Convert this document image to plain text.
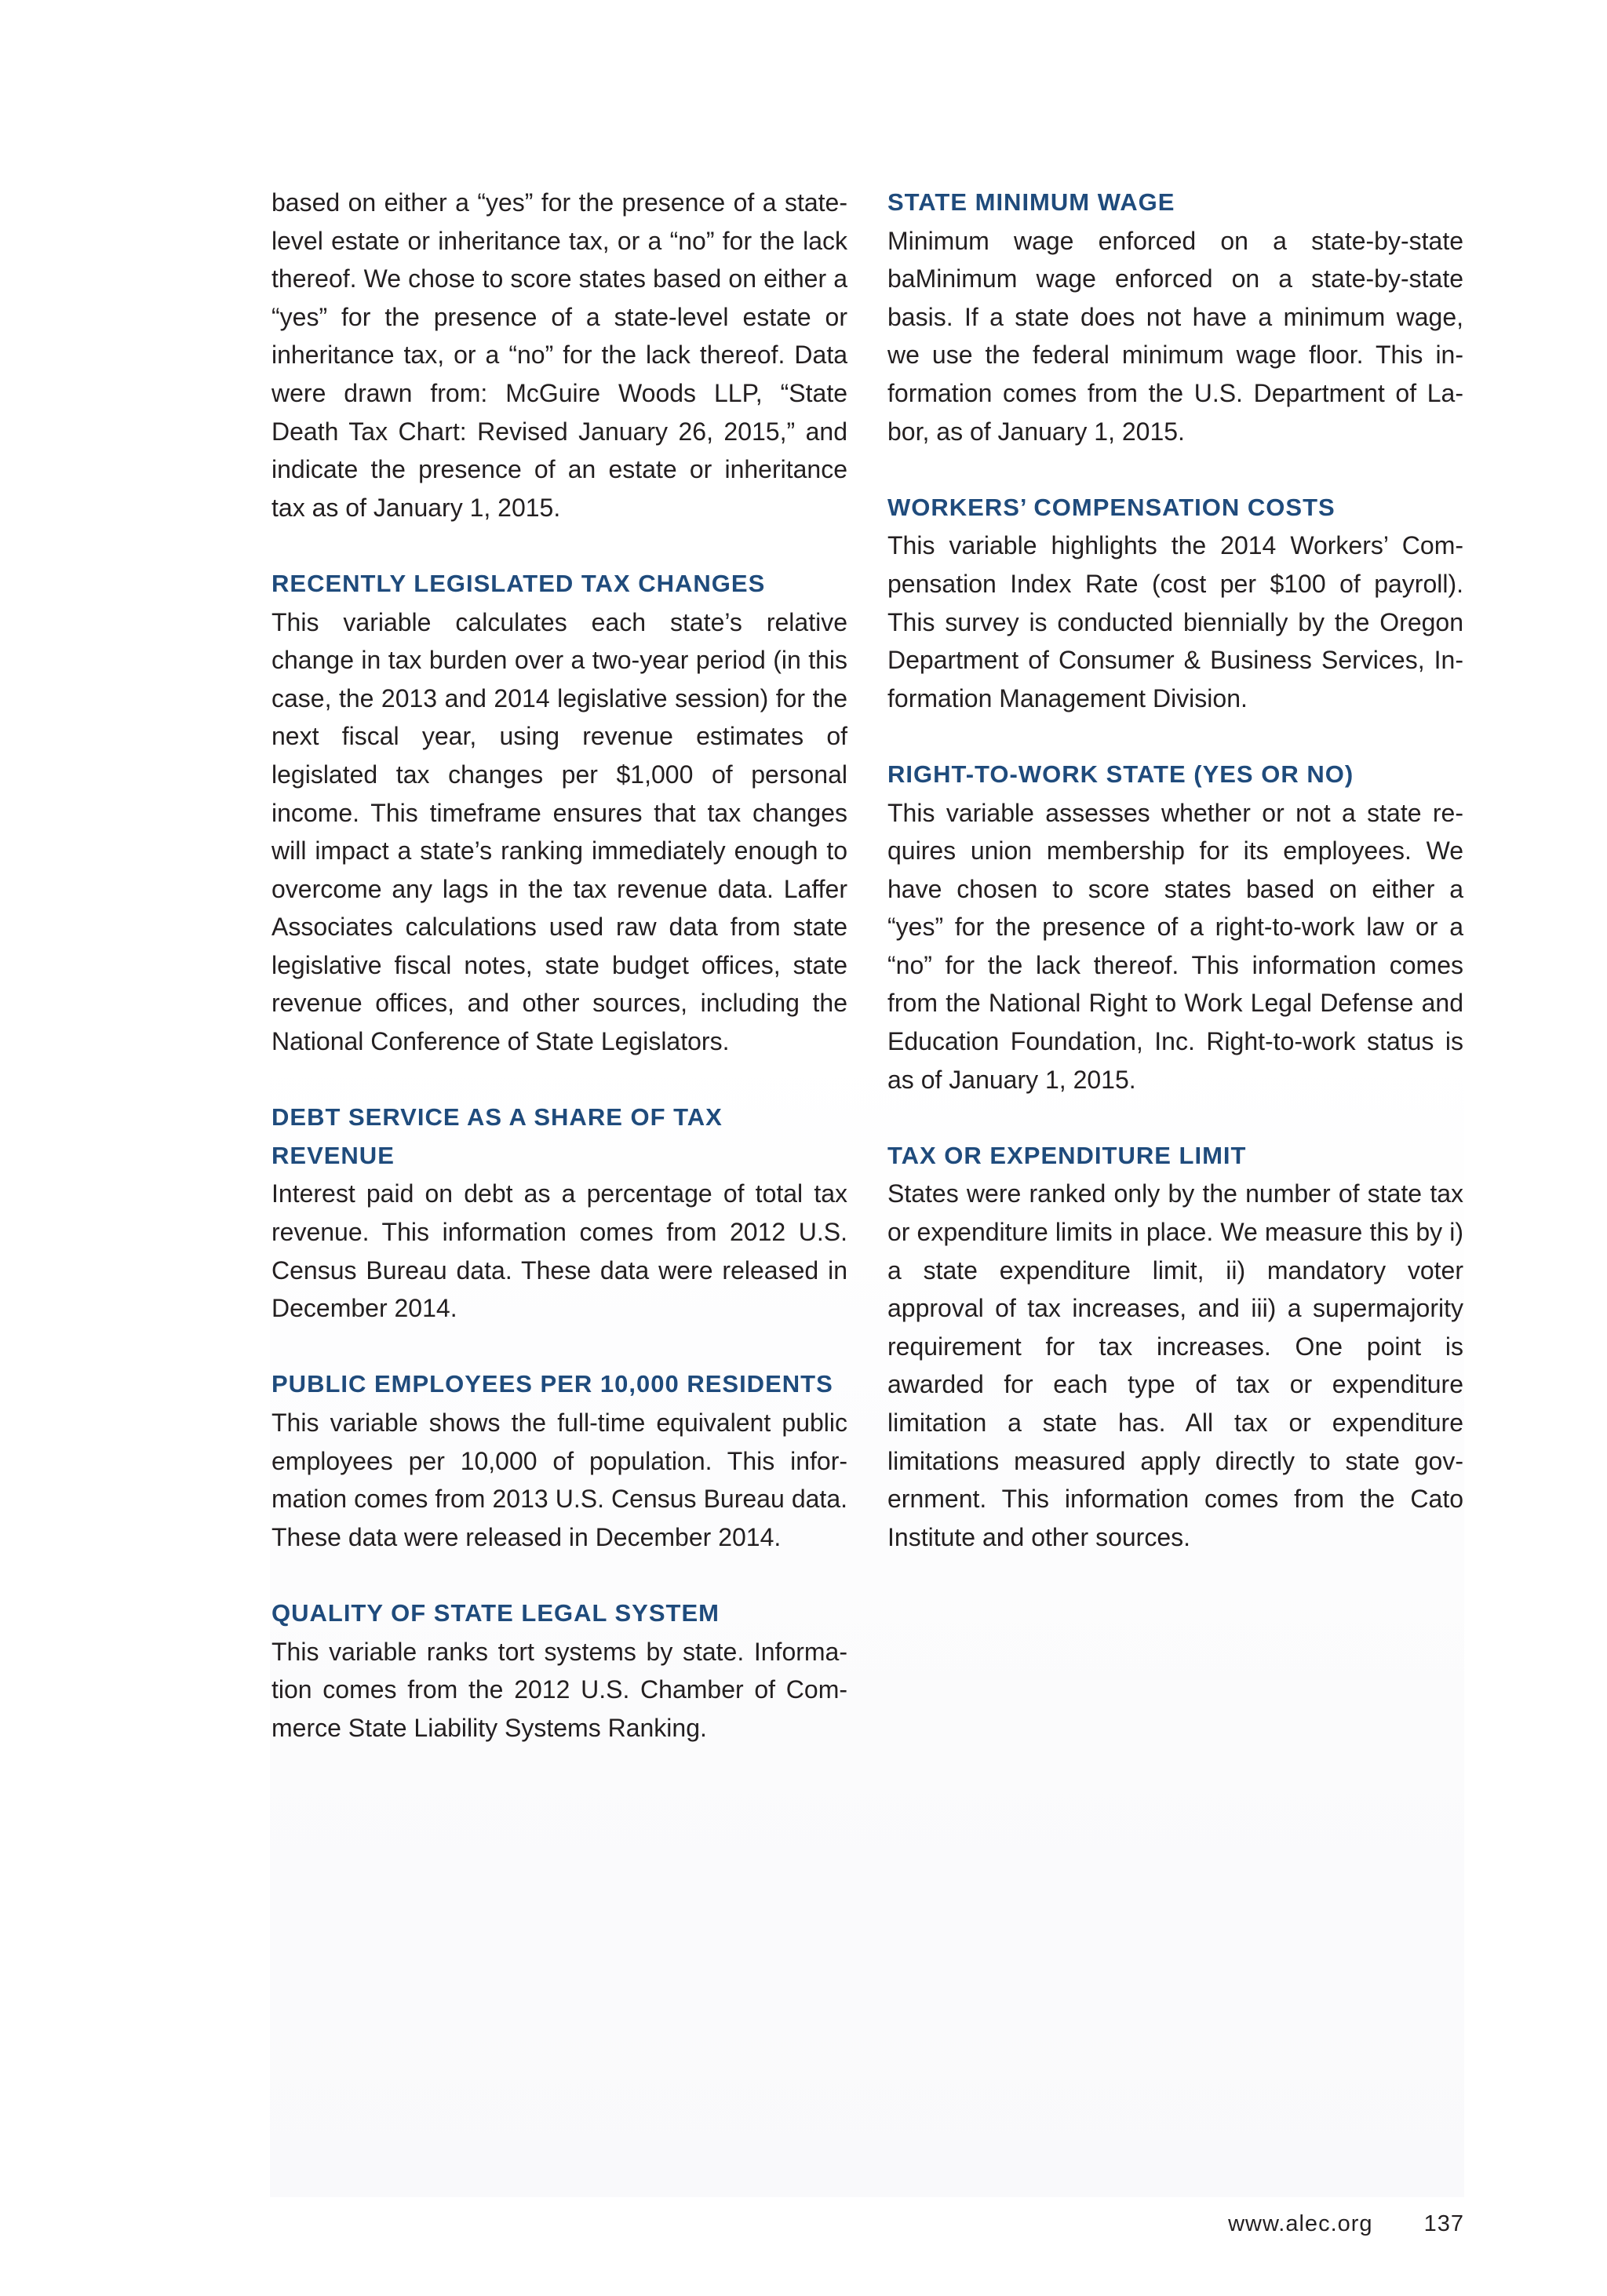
based on either a “yes” for the presence of a state-level estate or inheritance tax, or a “no” for the lack thereof. We chose to score states based on either a “yes” for the presence of a state-level estate or inheritance tax, or a “no” for the lack thereof. Data were drawn from: McGuire Woods LLP, “State Death Tax Chart: Revised January 26, 2015,” and indicate the presence of an estate or inheritance tax as of January 1, 2015.

RECENTLY LEGISLATED TAX CHANGES

This variable calculates each state’s relative change in tax burden over a two-year period (in this case, the 2013 and 2014 legislative session) for the next fiscal year, using revenue estimates of legislated tax changes per $1,000 of personal income. This timeframe ensures that tax changes will impact a state’s ranking immediately enough to overcome any lags in the tax revenue data. Laffer Associates calculations used raw data from state legislative fiscal notes, state budget offices, state revenue offices, and other sources, including the National Conference of State Legislators.

DEBT SERVICE AS A SHARE OF TAX REVENUE

Interest paid on debt as a percentage of total tax revenue. This information comes from 2012 U.S. Census Bureau data. These data were released in December 2014.

PUBLIC EMPLOYEES PER 10,000 RESIDENTS

This variable shows the full-time equivalent public employees per 10,000 of population. This information comes from 2013 U.S. Census Bureau data. These data were released in December 2014.

QUALITY OF STATE LEGAL SYSTEM

This variable ranks tort systems by state. Information comes from the 2012 U.S. Chamber of Commerce State Liability Systems Ranking.

STATE MINIMUM WAGE

Minimum wage enforced on a state-by-state baMinimum wage enforced on a state-by-state basis. If a state does not have a minimum wage, we use the federal minimum wage floor. This information comes from the U.S. Department of Labor, as of January 1, 2015.

WORKERS’ COMPENSATION COSTS

This variable highlights the 2014 Workers’ Compensation Index Rate (cost per $100 of payroll). This survey is conducted biennially by the Oregon Department of Consumer & Business Services, Information Management Division.

RIGHT-TO-WORK STATE (YES OR NO)

This variable assesses whether or not a state requires union membership for its employees. We have chosen to score states based on either a “yes” for the presence of a right-to-work law or a “no” for the lack thereof. This information comes from the National Right to Work Legal Defense and Education Foundation, Inc. Right-to-work status is as of January 1, 2015.

TAX OR EXPENDITURE LIMIT

States were ranked only by the number of state tax or expenditure limits in place. We measure this by i) a state expenditure limit, ii) mandatory voter approval of tax increases, and iii) a supermajority requirement for tax increases. One point is awarded for each type of tax or expenditure limitation a state has. All tax or expenditure limitations measured apply directly to state government. This information comes from the Cato Institute and other sources.

www.alec.org 137
